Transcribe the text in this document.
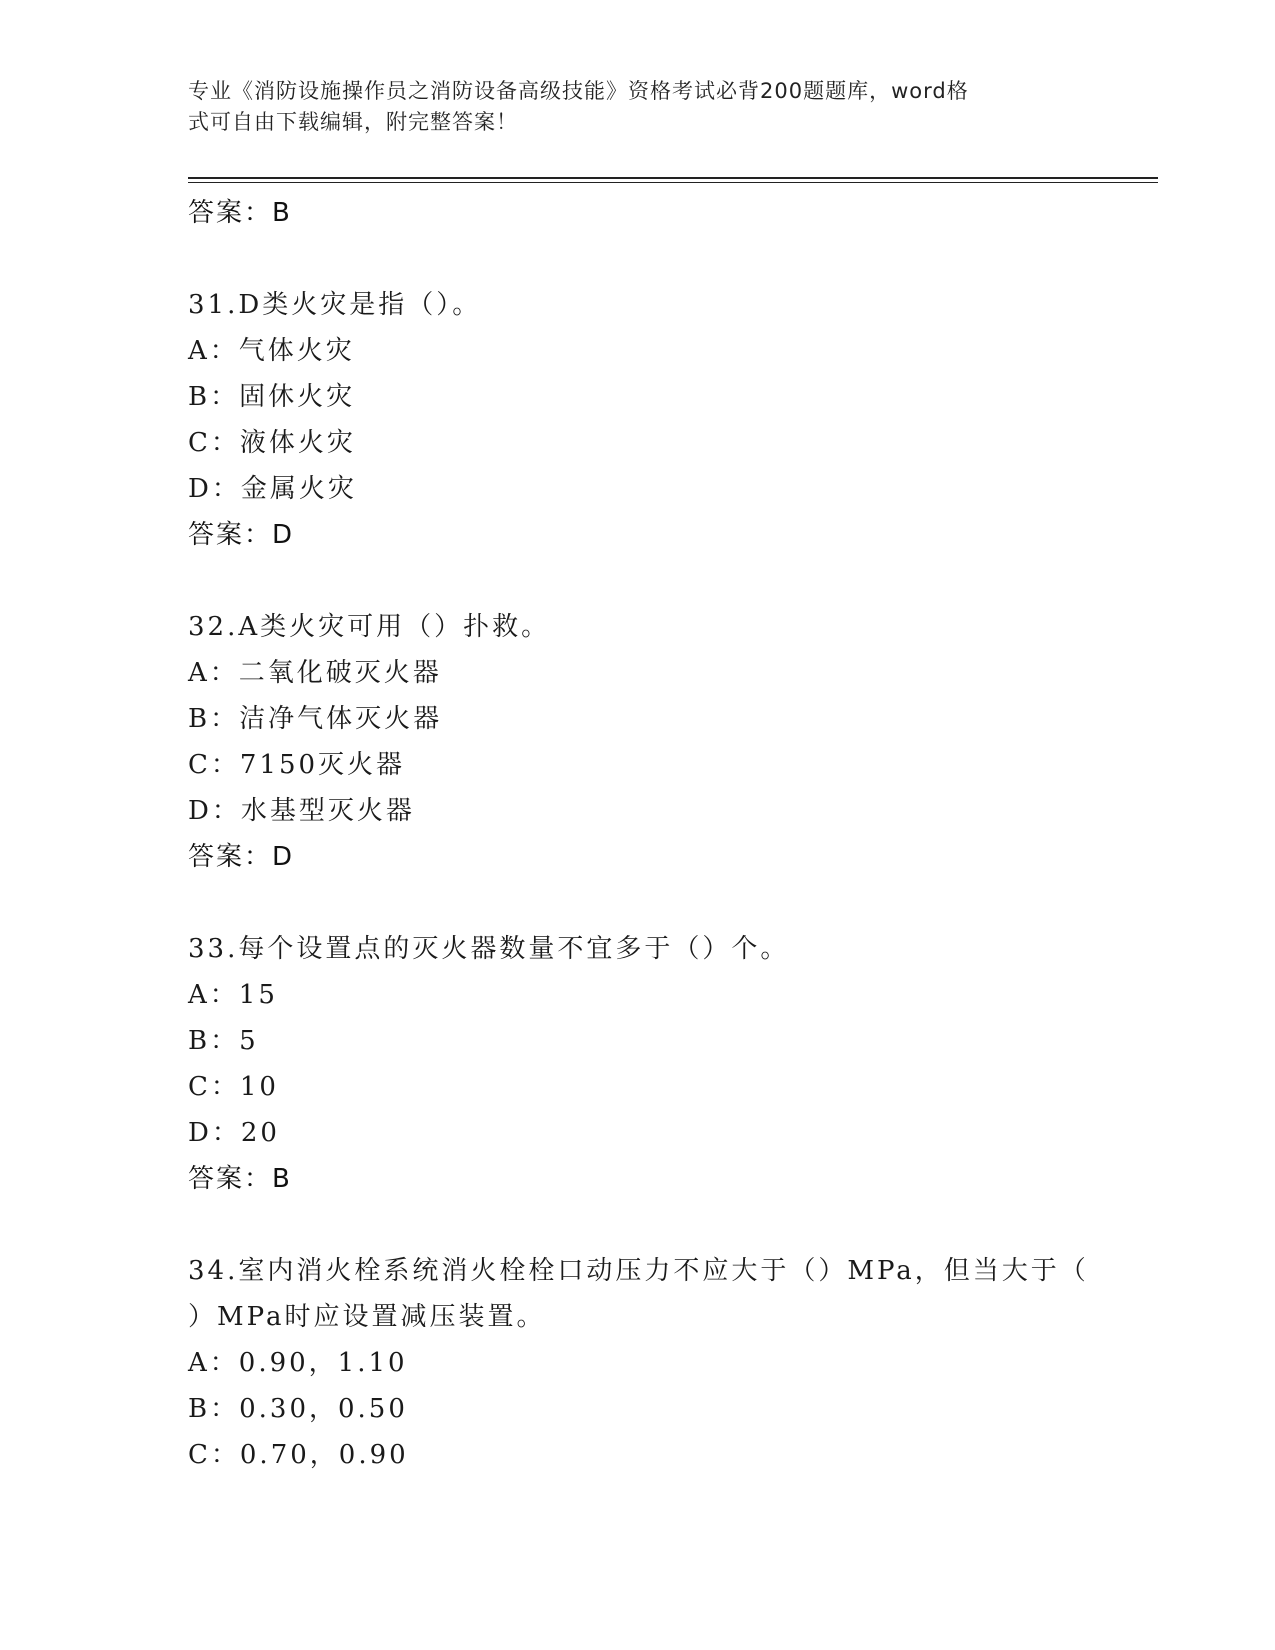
专业《消防设施操作员之消防设备高级技能》资格考试必背200题题库，word格
式可自由下载编辑，附完整答案！
答案：B
31.D类火灾是指（）。
A：气体火灾
B：固休火灾
C：液体火灾
D：金属火灾
答案：D
32.A类火灾可用（）扑救。
A：二氧化破灭火器
B：洁净气体灭火器
C：7150灭火器
D：水基型灭火器
答案：D
33.每个设置点的灭火器数量不宜多于（）个。
A：15
B：5
C：10
D：20
答案：B
34.室内消火栓系统消火栓栓口动压力不应大于（）MPa，但当大于（
）MPa时应设置减压装置。
A：0.90，1.10
B：0.30，0.50
C：0.70，0.90
